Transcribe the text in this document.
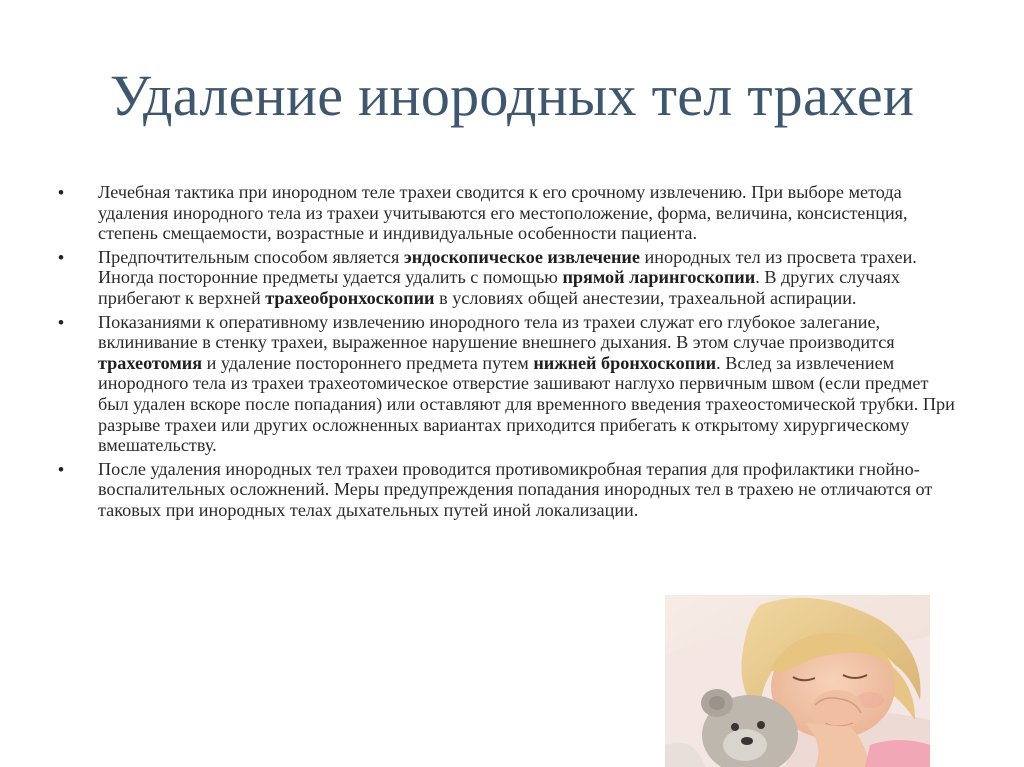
Удаление инородных тел трахеи
• Лечебная тактика при инородном теле трахеи сводится к его срочному извлечению. При выборе метода удаления инородного тела из трахеи учитываются его местоположение, форма, величина, консистенция, степень смещаемости, возрастные и индивидуальные особенности пациента.
• Предпочтительным способом является эндоскопическое извлечение инородных тел из просвета трахеи. Иногда посторонние предметы удается удалить с помощью прямой ларингоскопии. В других случаях прибегают к верхней трахеобронхоскопии в условиях общей анестезии, трахеальной аспирации.
• Показаниями к оперативному извлечению инородного тела из трахеи служат его глубокое залегание, вклинивание в стенку трахеи, выраженное нарушение внешнего дыхания. В этом случае производится трахеотомия и удаление постороннего предмета путем нижней бронхоскопии. Вслед за извлечением инородного тела из трахеи трахеотомическое отверстие зашивают наглухо первичным швом (если предмет был удален вскоре после попадания) или оставляют для временного введения трахеостомической трубки. При разрыве трахеи или других осложненных вариантах приходится прибегать к открытому хирургическому вмешательству.
• После удаления инородных тел трахеи проводится противомикробная терапия для профилактики гнойно-воспалительных осложнений. Меры предупреждения попадания инородных тел в трахею не отличаются от таковых при инородных телах дыхательных путей иной локализации.
